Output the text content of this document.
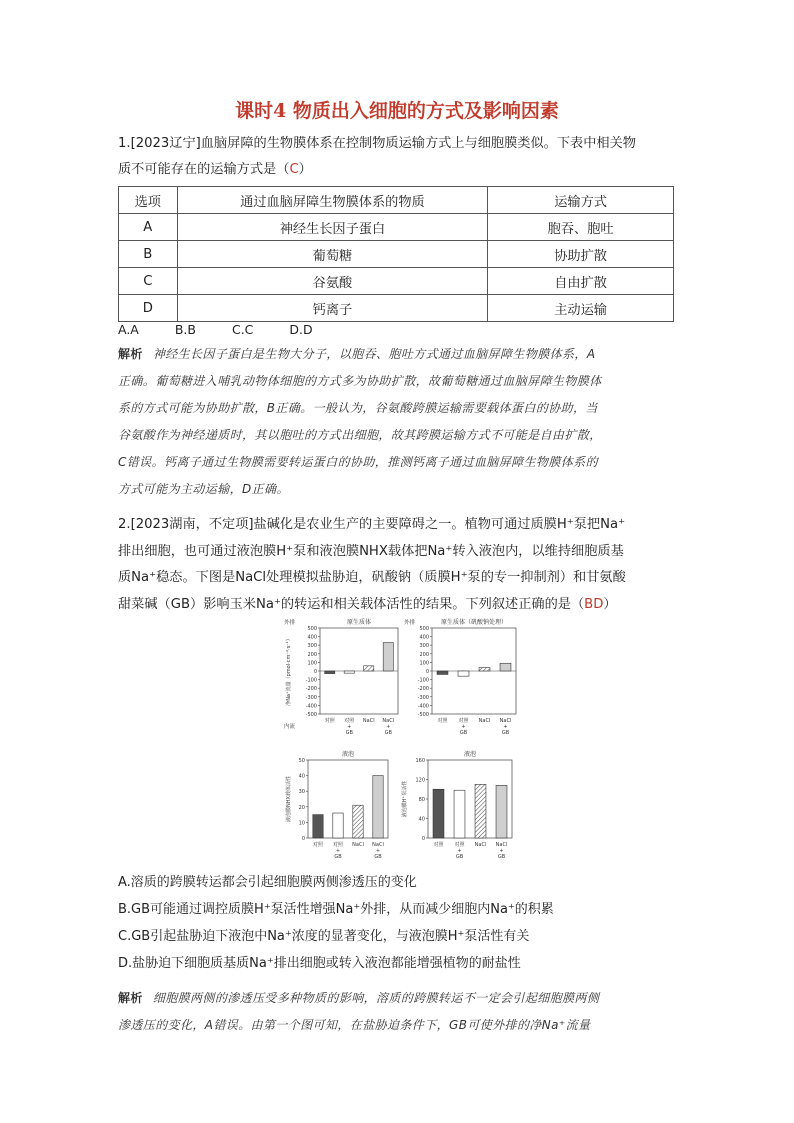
课时4 物质出入细胞的方式及影响因素
1.[2023辽宁]血脑屏障的生物膜体系在控制物质运输方式上与细胞膜类似。下表中相关物
质不可能存在的运输方式是（C）
选项	通过血脑屏障生物膜体系的物质	运输方式
A	神经生长因子蛋白	胞吞、胞吐
B	葡萄糖	协助扩散
C	谷氨酸	自由扩散
D	钙离子	主动运输
A.A	B.B	C.C	D.D
解析 神经生长因子蛋白是生物大分子，以胞吞、胞吐方式通过血脑屏障生物膜体系，A
正确。葡萄糖进入哺乳动物体细胞的方式多为协助扩散，故葡萄糖通过血脑屏障生物膜体
系的方式可能为协助扩散，B正确。一般认为，谷氨酸跨膜运输需要载体蛋白的协助，当
谷氨酸作为神经递质时，其以胞吐的方式出细胞，故其跨膜运输方式不可能是自由扩散，
C错误。钙离子通过生物膜需要转运蛋白的协助，推测钙离子通过血脑屏障生物膜体系的
方式可能为主动运输，D正确。
2.[2023湖南，不定项]盐碱化是农业生产的主要障碍之一。植物可通过质膜H⁺泵把Na⁺
排出细胞，也可通过液泡膜H⁺泵和液泡膜NHX载体把Na⁺转入液泡内，以维持细胞质基
质Na⁺稳态。下图是NaCl处理模拟盐胁迫，矾酸钠（质膜H⁺泵的专一抑制剂）和甘氨酸
甜菜碱（GB）影响玉米Na⁺的转运和相关载体活性的结果。下列叙述正确的是（BD）
原生质体
外排
内流
净Na⁺流量（pmol·cm⁻²·s⁻¹）
500
400
300
200
100
0
-100
-200
-300
-400
-500
对照 对照
+
GB
NaCl NaCl
+
GB
原生质体（矾酸钠处理）
外排
500
400
300
200
100
0
-100
-200
-300
-400
-500
对照 对照
+
GB
NaCl NaCl
+
GB
液泡
液泡膜NHX载体活性
50
40
30
20
10
0
对照 对照
+
GB
NaCl NaCl
+
GB
液泡
液泡膜H⁺泵活性
160
120
80
40
0
对照 对照
+
GB
NaCl NaCl
+
GB
A.溶质的跨膜转运都会引起细胞膜两侧渗透压的变化
B.GB可能通过调控质膜H⁺泵活性增强Na⁺外排，从而减少细胞内Na⁺的积累
C.GB引起盐胁迫下液泡中Na⁺浓度的显著变化，与液泡膜H⁺泵活性有关
D.盐胁迫下细胞质基质Na⁺排出细胞或转入液泡都能增强植物的耐盐性
解析 细胞膜两侧的渗透压受多种物质的影响，溶质的跨膜转运不一定会引起细胞膜两侧
渗透压的变化，A错误。由第一个图可知，在盐胁迫条件下，GB可使外排的净Na⁺流量
